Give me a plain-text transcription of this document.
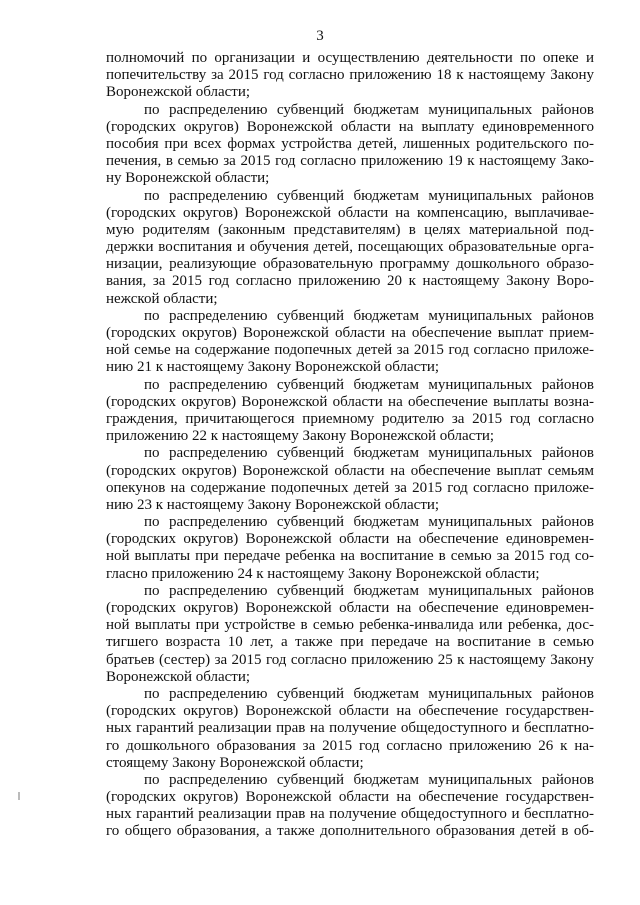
3
полномочий по организации и осуществлению деятельности по опеке и
попечительству за 2015 год согласно приложению 18 к настоящему Закону
Воронежской области;
по распределению субвенций бюджетам муниципальных районов
(городских округов) Воронежской области на выплату единовременного
пособия при всех формах устройства детей, лишенных родительского по-
печения, в семью за 2015 год согласно приложению 19 к настоящему Зако-
ну Воронежской области;
по распределению субвенций бюджетам муниципальных районов
(городских округов) Воронежской области на компенсацию, выплачивае-
мую родителям (законным представителям) в целях материальной под-
держки воспитания и обучения детей, посещающих образовательные орга-
низации, реализующие образовательную программу дошкольного образо-
вания, за 2015 год согласно приложению 20 к настоящему Закону Воро-
нежской области;
по распределению субвенций бюджетам муниципальных районов
(городских округов) Воронежской области на обеспечение выплат прием-
ной семье на содержание подопечных детей за 2015 год согласно приложе-
нию 21 к настоящему Закону Воронежской области;
по распределению субвенций бюджетам муниципальных районов
(городских округов) Воронежской области на обеспечение выплаты возна-
граждения, причитающегося приемному родителю за 2015 год согласно
приложению 22 к настоящему Закону Воронежской области;
по распределению субвенций бюджетам муниципальных районов
(городских округов) Воронежской области на обеспечение выплат семьям
опекунов на содержание подопечных детей за 2015 год согласно приложе-
нию 23 к настоящему Закону Воронежской области;
по распределению субвенций бюджетам муниципальных районов
(городских округов) Воронежской области на обеспечение единовремен-
ной выплаты при передаче ребенка на воспитание в семью за 2015 год со-
гласно приложению 24 к настоящему Закону Воронежской области;
по распределению субвенций бюджетам муниципальных районов
(городских округов) Воронежской области на обеспечение единовремен-
ной выплаты при устройстве в семью ребенка-инвалида или ребенка, дос-
тигшего возраста 10 лет, а также при передаче на воспитание в семью
братьев (сестер) за 2015 год согласно приложению 25 к настоящему Закону
Воронежской области;
по распределению субвенций бюджетам муниципальных районов
(городских округов) Воронежской области на обеспечение государствен-
ных гарантий реализации прав на получение общедоступного и бесплатно-
го дошкольного образования за 2015 год согласно приложению 26 к на-
стоящему Закону Воронежской области;
по распределению субвенций бюджетам муниципальных районов
(городских округов) Воронежской области на обеспечение государствен-
ных гарантий реализации прав на получение общедоступного и бесплатно-
го общего образования, а также дополнительного образования детей в об-
